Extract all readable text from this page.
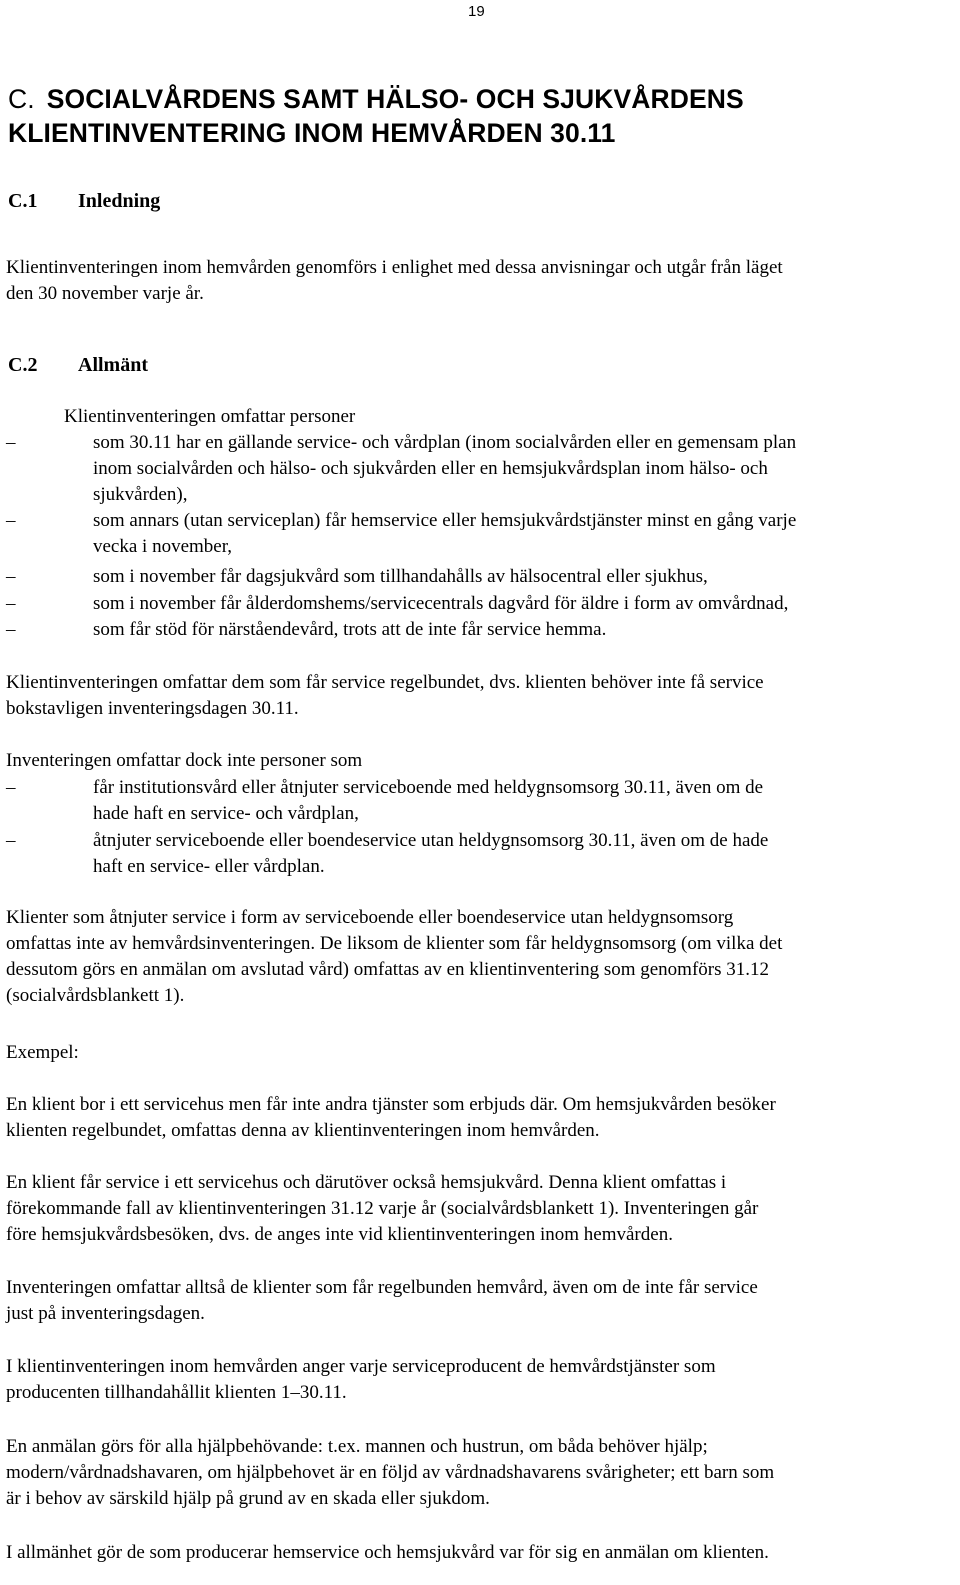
19
C. SOCIALVÅRDENS SAMT HÄLSO- OCH SJUKVÅRDENS
KLIENTINVENTERING INOM HEMVÅRDEN 30.11
C.1 Inledning
Klientinventeringen inom hemvården genomförs i enlighet med dessa anvisningar och utgår från läget
den 30 november varje år.
C.2 Allmänt
Klientinventeringen omfattar personer
–	som 30.11 har en gällande service- och vårdplan (inom socialvården eller en gemensam plan
inom socialvården och hälso- och sjukvården eller en hemsjukvårdsplan inom hälso- och
sjukvården),
–	som annars (utan serviceplan) får hemservice eller hemsjukvårdstjänster minst en gång varje
vecka i november,
–	som i november får dagsjukvård som tillhandahålls av hälsocentral eller sjukhus,
–	som i november får ålderdomshems/servicecentrals dagvård för äldre i form av omvårdnad,
–	som får stöd för närståendevård, trots att de inte får service hemma.
Klientinventeringen omfattar dem som får service regelbundet, dvs. klienten behöver inte få service
bokstavligen inventeringsdagen 30.11.
Inventeringen omfattar dock inte personer som
–	får institutionsvård eller åtnjuter serviceboende med heldygnsomsorg 30.11, även om de
hade haft en service- och vårdplan,
–	åtnjuter serviceboende eller boendeservice utan heldygnsomsorg 30.11, även om de hade
haft en service- eller vårdplan.
Klienter som åtnjuter service i form av serviceboende eller boendeservice utan heldygnsomsorg
omfattas inte av hemvårdsinventeringen. De liksom de klienter som får heldygnsomsorg (om vilka det
dessutom görs en anmälan om avslutad vård) omfattas av en klientinventering som genomförs 31.12
(socialvårdsblankett 1).
Exempel:
En klient bor i ett servicehus men får inte andra tjänster som erbjuds där. Om hemsjukvården besöker
klienten regelbundet, omfattas denna av klientinventeringen inom hemvården.
En klient får service i ett servicehus och därutöver också hemsjukvård. Denna klient omfattas i
förekommande fall av klientinventeringen 31.12 varje år (socialvårdsblankett 1). Inventeringen går
före hemsjukvårdsbesöken, dvs. de anges inte vid klientinventeringen inom hemvården.
Inventeringen omfattar alltså de klienter som får regelbunden hemvård, även om de inte får service
just på inventeringsdagen.
I klientinventeringen inom hemvården anger varje serviceproducent de hemvårdstjänster som
producenten tillhandahållit klienten 1–30.11.
En anmälan görs för alla hjälpbehövande: t.ex. mannen och hustrun, om båda behöver hjälp;
modern/vårdnadshavaren, om hjälpbehovet är en följd av vårdnadshavarens svårigheter; ett barn som
är i behov av särskild hjälp på grund av en skada eller sjukdom.
I allmänhet gör de som producerar hemservice och hemsjukvård var för sig en anmälan om klienten.
